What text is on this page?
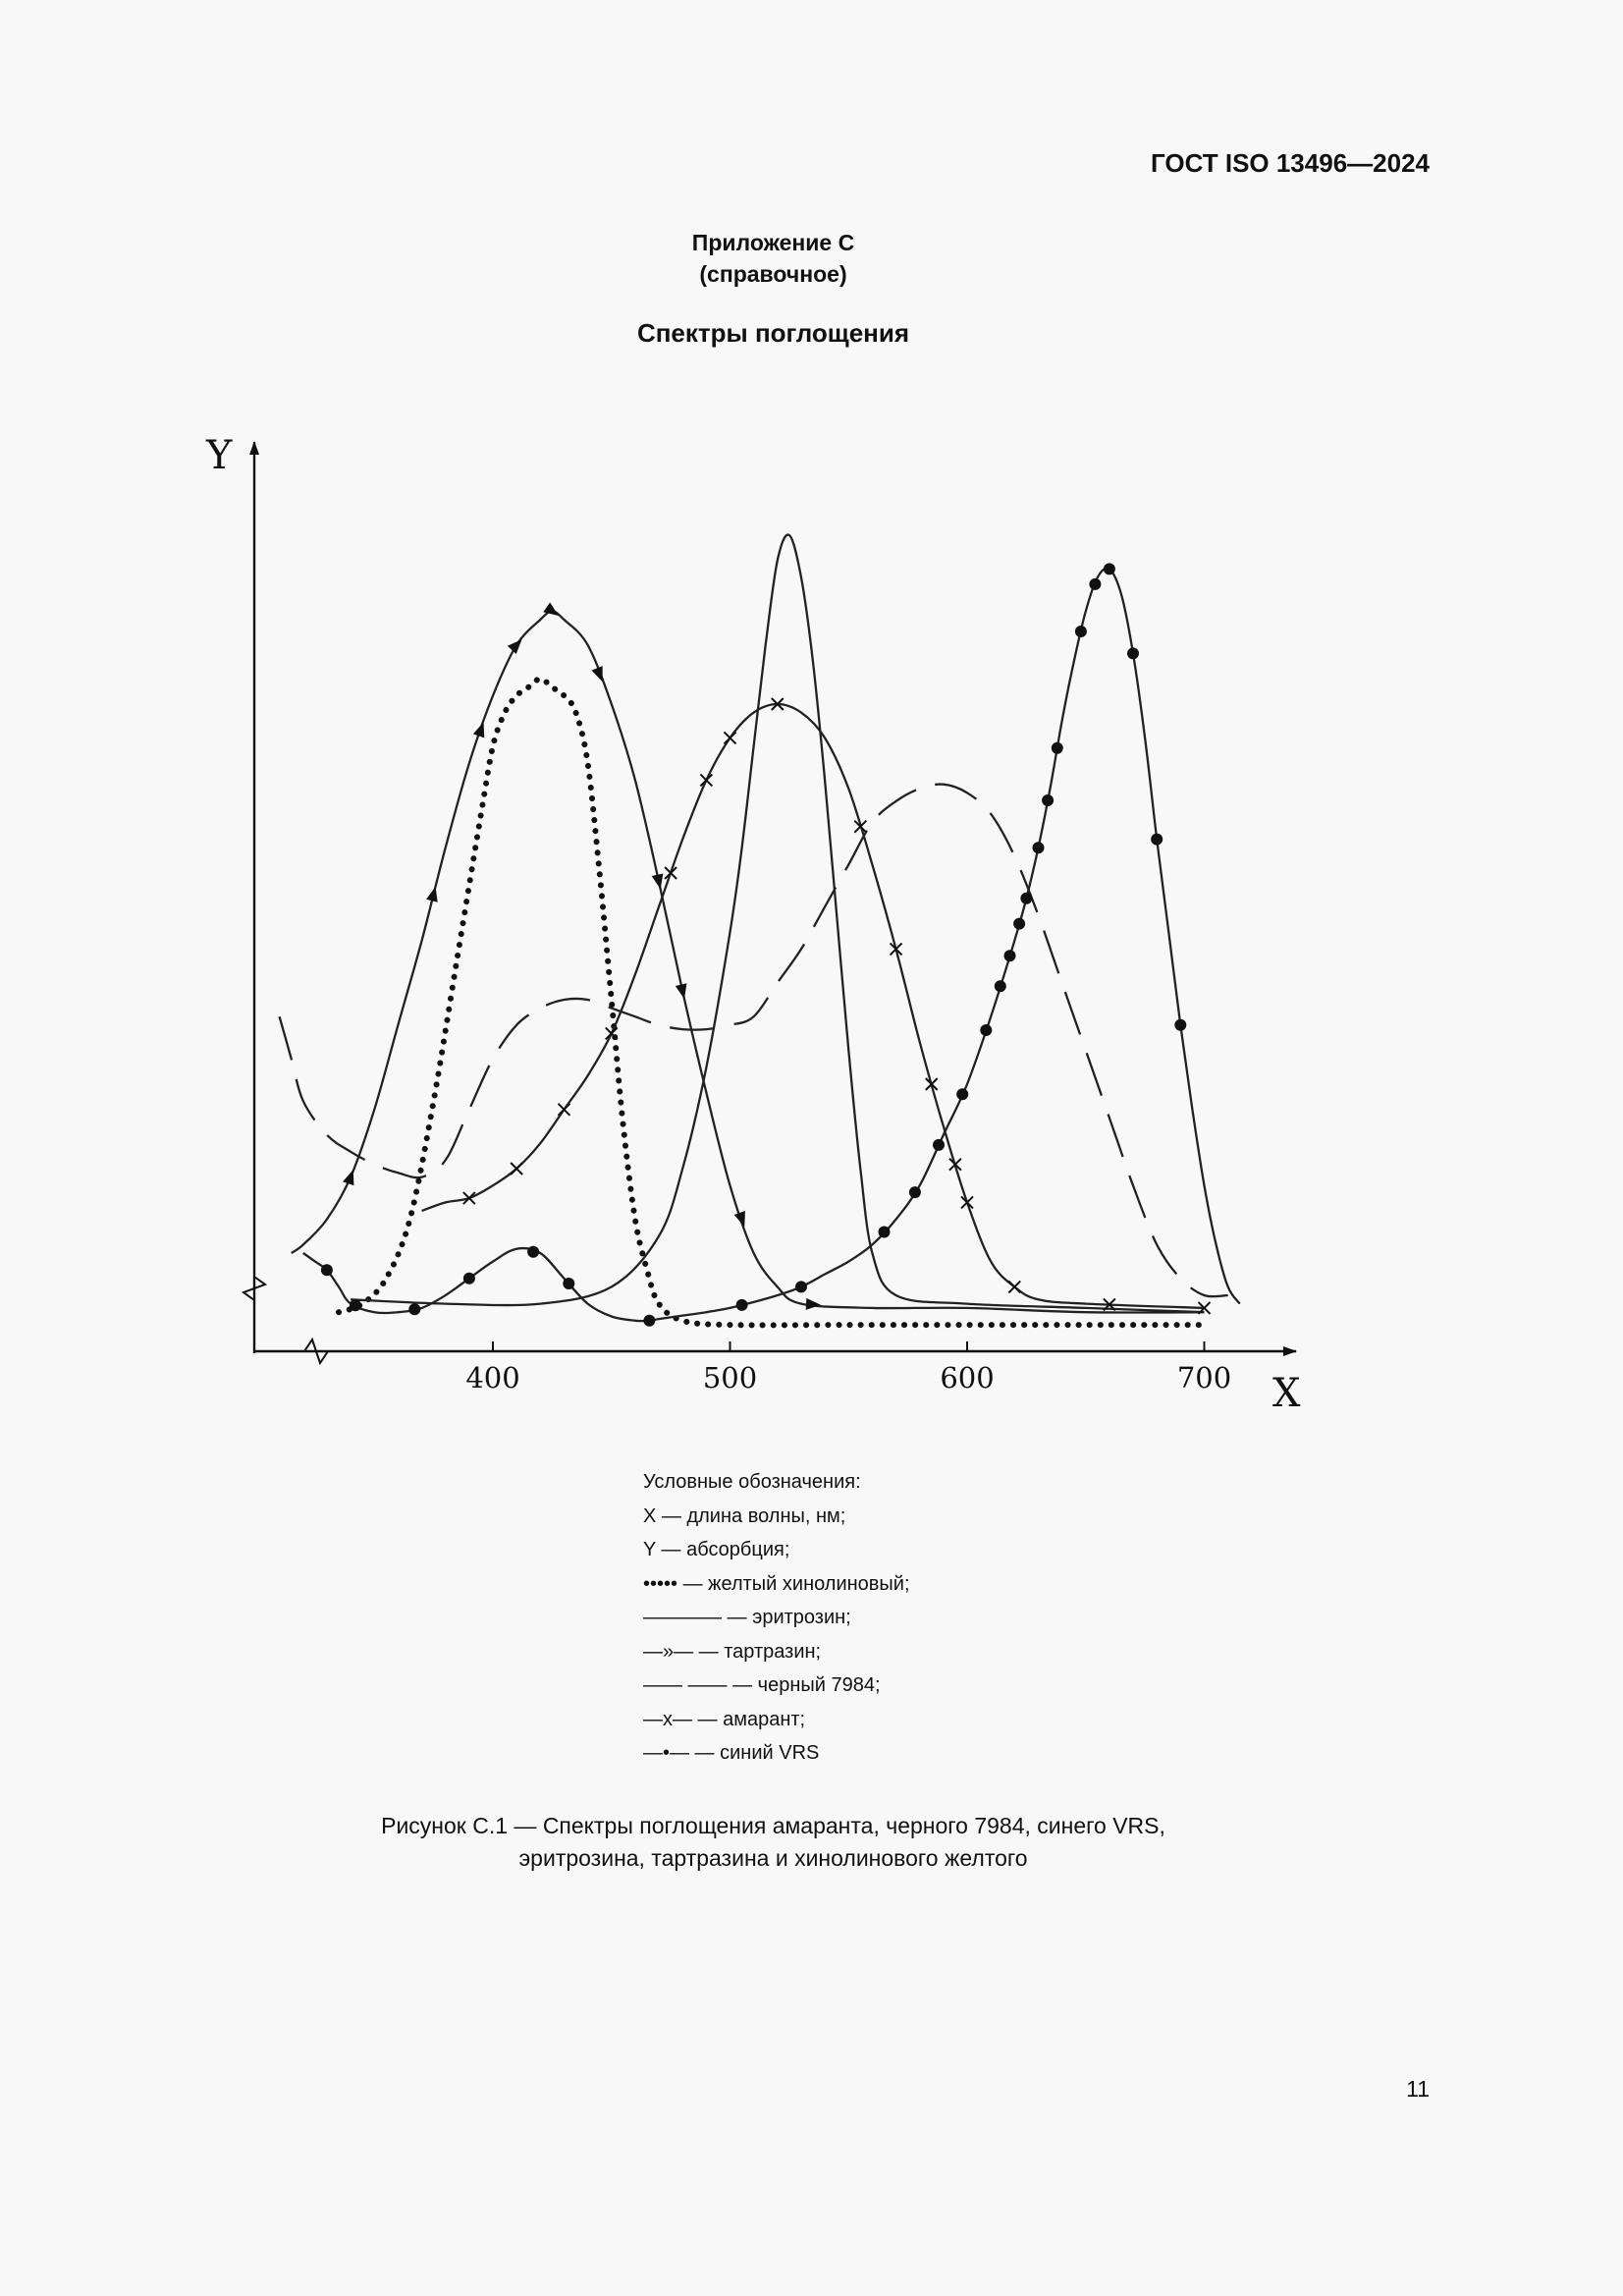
ГОСТ ISO 13496—2024
Приложение С
(справочное)
Спектры поглощения
400	500	600	700
Y
X
Условные обозначения:
X — длина волны, нм;
Y — абсорбция;
••••• — желтый хинолиновый;
———— — эритрозин;
—»— — тартразин;
—— —— — черный 7984;
—x— — амарант;
—•— — синий VRS
Рисунок С.1 — Спектры поглощения амаранта, черного 7984, синего VRS,
эритрозина, тартразина и хинолинового желтого
11
